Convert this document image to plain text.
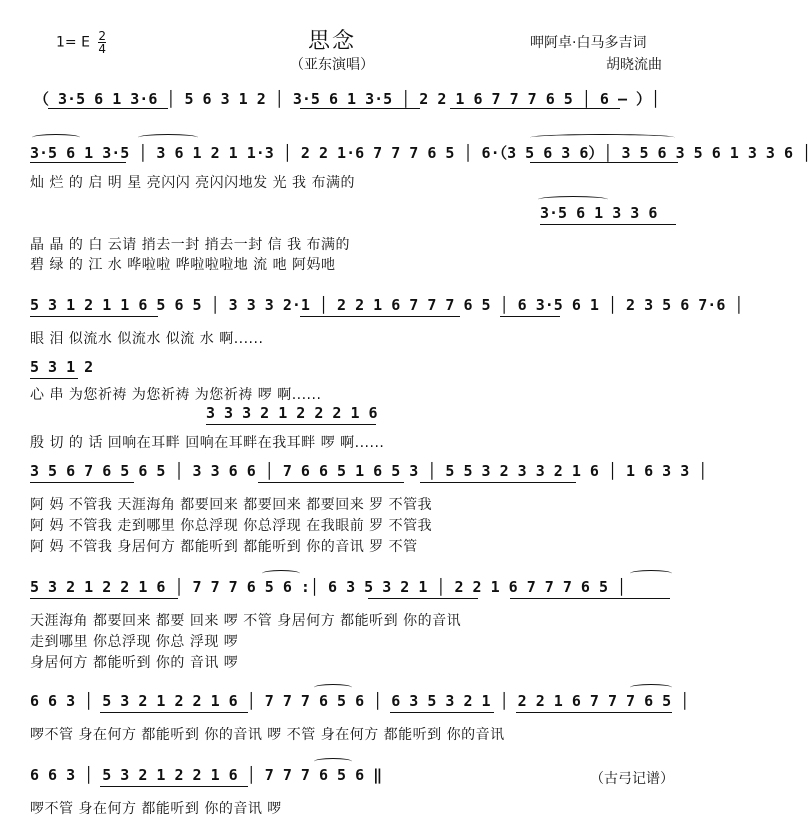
1= E $\frac{2}{4}$	思念
（亚东演唱）
呷阿卓·白马多吉词
胡晓流曲
（ 3·5 6 1 3·6 │ 5 6 3 1 2 │ 3·5 6 1 3·5 │ 2 2 1 6 7 7 7 6 5 │ 6 – ）│
3·5 6 1 3·5 │ 3 6 1 2 1 1·3 │ 2 2 1·6 7 7 7 6 5 │ 6·（3 5 6 3 6）│ 3 5 6 3 5 6 1 3 3 6 │
灿 烂 的 启 明 星 亮闪闪 亮闪闪地发 光 我 布满的
3·5 6 1 3 3 6
晶 晶 的 白 云请 捎去一封 捎去一封 信 我 布满的
碧 绿 的 江 水 哗啦啦 哗啦啦啦地 流 吔 阿妈吔
5 3 1 2 1 1 6 5 6 5 │ 3 3 3 2·1 │ 2 2 1 6 7 7 7 6 5 │ 6 3·5 6 1 │ 2 3 5 6 7·6 │
眼 泪 似流水 似流水 似流 水 啊......
5 3 1 2
心 串 为您祈祷 为您祈祷 为您祈祷 啰 啊......
3 3 3 2 1 2 2 2 1 6
殷 切 的 话 回响在耳畔 回响在耳畔在我耳畔 啰 啊......
3 5 6 7 6 5 6 5 │ 3 3 6 6 │ 7 6 6 5 1 6 5 3 │ 5 5 3 2 3 3 2 1 6 │ 1 6 3 3 │
阿 妈 不管我 天涯海角 都要回来 都要回来 都要回来 罗 不管我
阿 妈 不管我 走到哪里 你总浮现 你总浮现 在我眼前 罗 不管我
阿 妈 不管我 身居何方 都能听到 都能听到 你的音讯 罗 不管
5 3 2 1 2 2 1 6 │ 7 7 7 6 5 6 :│ 6 3 5 3 2 1 │ 2 2 1 6 7 7 7 6 5 │
天涯海角 都要回来 都要 回来 啰 不管 身居何方 都能听到 你的音讯
走到哪里 你总浮现 你总 浮现 啰
身居何方 都能听到 你的 音讯 啰
6 6 3 │ 5 3 2 1 2 2 1 6 │ 7 7 7 6 5 6 │ 6 3 5 3 2 1 │ 2 2 1 6 7 7 7 6 5 │
啰不管 身在何方 都能听到 你的音讯 啰 不管 身在何方 都能听到 你的音讯
6 6 3 │ 5 3 2 1 2 2 1 6 │ 7 7 7 6 5 6 ‖
啰不管 身在何方 都能听到 你的音讯 啰
（古弓记谱）
